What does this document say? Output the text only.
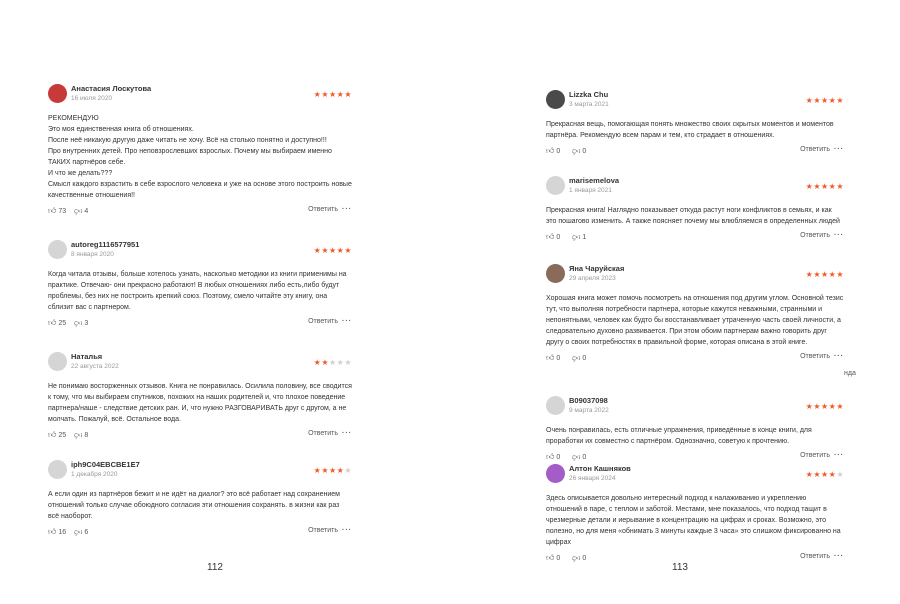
Анастасия Лоскутова
16 июля 2020	★★★★★

РЕКОМЕНДУЮ

Это моя единственная книга об отношениях.

После неё никакую другую даже читать не хочу. Всё на столько понятно и доступно!!!

Про внутренних детей. Про неповзрослевших взрослых. Почему мы выбираем именно ТАКИХ партнёров себе.

И что же делать???

Смысл каждого взрастить в себе взрослого человека и уже на основе этого построить новые качественные отношения!!

👍︎ 73 👍︎ 4	Ответить ···
autoreg1116577951
8 января 2020	★★★★★

Когда читала отзывы, больше хотелось узнать, насколько методики из книги применимы на практике. Отвечаю- они прекрасно работают! В любых отношениях либо есть,либо будут проблемы, без них не построить крепкий союз. Поэтому, смело читайте эту книгу, она сблизит вас с партнером.

👍︎ 25 👍︎ 3	Ответить ···
Наталья
22 августа 2022	★★★★★

Не понимаю восторженных отзывов. Книга не понравилась. Осилила половину, все сводится к тому, что мы выбираем спутников, похожих на наших родителей и, что плохое поведение партнера/наше - следствие детских ран. И, что нужно РАЗГОВАРИВАТЬ друг с другом, а не молчать. Пожалуй, всё. Остальное вода.

👍︎ 25 👍︎ 8	Ответить ···
iph9C04EBCBE1E7
1 декабря 2020	★★★★★

А если один из партнёров бежит и не идёт на диалог? это всё работает над сохранением отношений только случае обоюдного согласия эти отношения сохранять. в жизни как раз всё наоборот.

👍︎ 16 👍︎ 6	Ответить ···
112
нда
113
Lizzka Chu
3 марта 2021	★★★★★

Прекрасная вещь, помогающая понять множество своих скрытых моментов и моментов партнёра. Рекомендую всем парам и тем, кто страдает в отношениях.

👍︎ 0 👍︎ 0	Ответить ···
marisemelova
1 января 2021	★★★★★

Прекрасная книга! Наглядно показывает откуда растут ноги конфликтов в семьях, и как это пошагово изменить. А также поясняет почему мы влюбляемся в определенных людей

👍︎ 0 👍︎ 1	Ответить ···
Яна Чаруйская
29 апреля 2023	★★★★★

Хорошая книга может помочь посмотреть на отношения под другим углом. Основной тезис тут, что выполняя потребности партнера, которые кажутся неважными, странными и непонятными, человек как будто бы восстанавливает утраченную часть своей личности, а следовательно духовно развивается. При этом обоим партнерам важно говорить друг другу о своих потребностях в правильной форме, которая описана в этой книге.

👍︎ 0 👍︎ 0	Ответить ···
B09037098
9 марта 2022	★★★★★

Очень понравилась, есть отличные упражнения, приведённые в конце книги, для проработки их совместно с партнёром. Однозначно, советую к прочтению.

👍︎ 0 👍︎ 0	Ответить ···
Алтон Кашняков
26 января 2024	★★★★★

Здесь описывается довольно интересный подход к налаживанию и укреплению отношений в паре, с теплом и заботой. Местами, мне показалось, что подход тащит в чрезмерные детали и иерывание в концентрацию на цифрах и сроках. Возможно, это полезно, но для меня «обнимать 3 минуты каждые 3 часа» это слишком фиксированно на цифрах

👍︎ 0 👍︎ 0	Ответить ···
